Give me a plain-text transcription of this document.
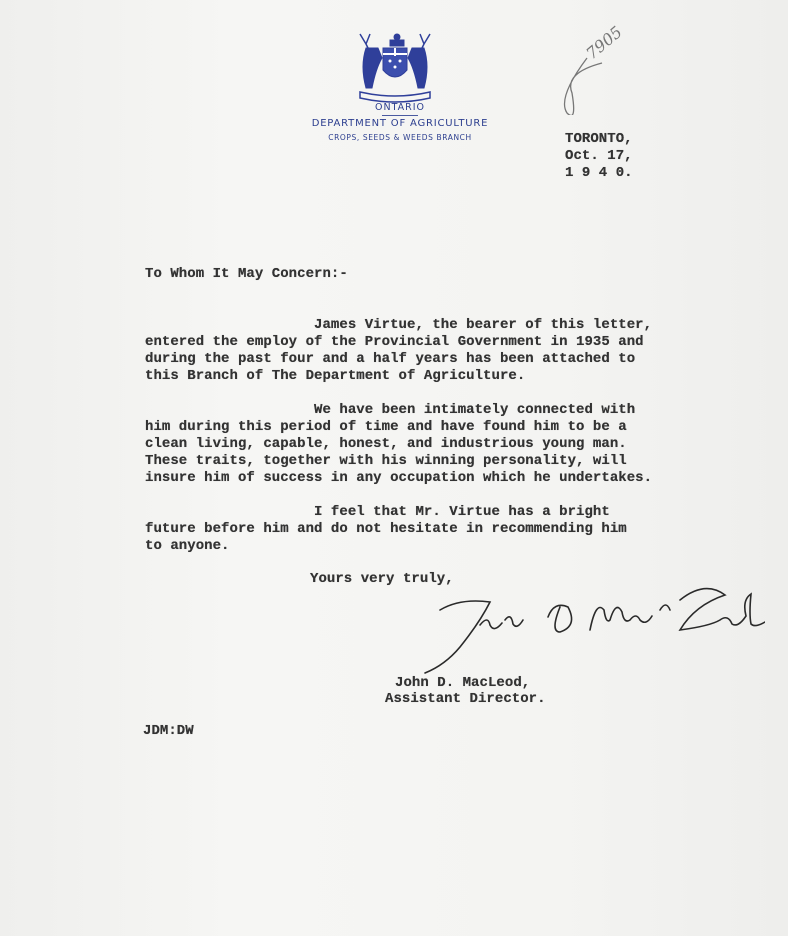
ONTARIO
DEPARTMENT OF AGRICULTURE
CROPS, SEEDS & WEEDS BRANCH
7905
TORONTO,
Oct. 17,
1 9 4 0.
To Whom It May Concern:-
James Virtue, the bearer of this letter,
entered the employ of the Provincial Government in 1935 and
during the past four and a half years has been attached to
this Branch of The Department of Agriculture.
We have been intimately connected with
him during this period of time and have found him to be a
clean living, capable, honest, and industrious young man.
These traits, together with his winning personality, will
insure him of success in any occupation which he undertakes.
I feel that Mr. Virtue has a bright
future before him and do not hesitate in recommending him
to anyone.
Yours very truly,
John D. MacLeod,
Assistant Director.
JDM:DW
